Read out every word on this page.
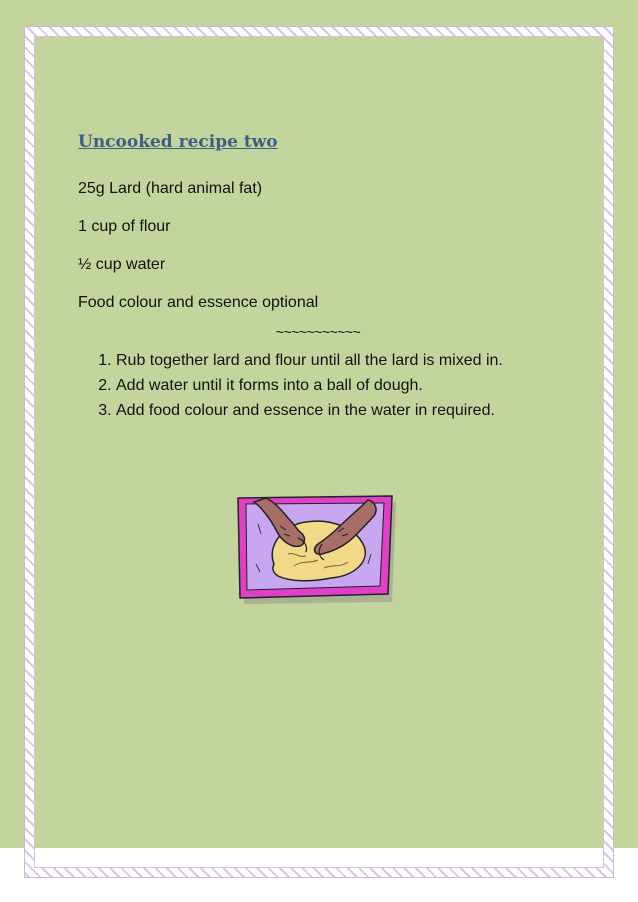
Uncooked recipe two

25g Lard (hard animal fat)

1 cup of flour

½ cup water

Food colour and essence optional

~~~~~~~~~~~
1. Rub together lard and flour until all the lard is mixed in.
2. Add water until it forms into a ball of dough.
3. Add food colour and essence in the water in required.
